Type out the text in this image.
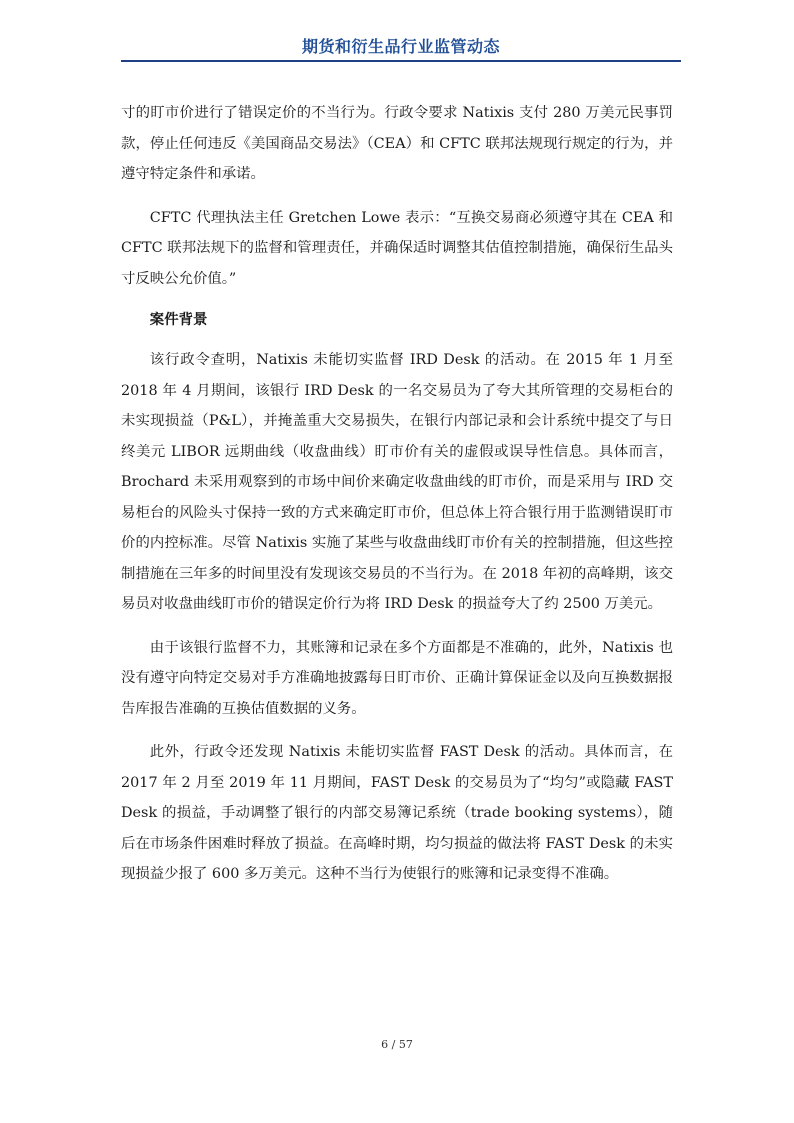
期货和衍生品行业监管动态

寸的盯市价进行了错误定价的不当行为。行政令要求 Natixis 支付 280 万美元民事罚款，停止任何违反《美国商品交易法》（CEA）和 CFTC 联邦法规现行规定的行为，并遵守特定条件和承诺。

CFTC 代理执法主任 Gretchen Lowe 表示：“互换交易商必须遵守其在 CEA 和 CFTC 联邦法规下的监督和管理责任，并确保适时调整其估值控制措施，确保衍生品头寸反映公允价值。”

案件背景

该行政令查明，Natixis 未能切实监督 IRD Desk 的活动。在 2015 年 1 月至 2018 年 4 月期间，该银行 IRD Desk 的一名交易员为了夸大其所管理的交易柜台的未实现损益（P&L），并掩盖重大交易损失，在银行内部记录和会计系统中提交了与日终美元 LIBOR 远期曲线（收盘曲线）盯市价有关的虚假或误导性信息。具体而言，Brochard 未采用观察到的市场中间价来确定收盘曲线的盯市价，而是采用与 IRD 交易柜台的风险头寸保持一致的方式来确定盯市价，但总体上符合银行用于监测错误盯市价的内控标准。尽管 Natixis 实施了某些与收盘曲线盯市价有关的控制措施，但这些控制措施在三年多的时间里没有发现该交易员的不当行为。在 2018 年初的高峰期，该交易员对收盘曲线盯市价的错误定价行为将 IRD Desk 的损益夸大了约 2500 万美元。

由于该银行监督不力，其账簿和记录在多个方面都是不准确的，此外，Natixis 也没有遵守向特定交易对手方准确地披露每日盯市价、正确计算保证金以及向互换数据报告库报告准确的互换估值数据的义务。

此外，行政令还发现 Natixis 未能切实监督 FAST Desk 的活动。具体而言，在 2017 年 2 月至 2019 年 11 月期间，FAST Desk 的交易员为了“均匀”或隐藏 FAST Desk 的损益，手动调整了银行的内部交易簿记系统（trade booking systems），随后在市场条件困难时释放了损益。在高峰时期，均匀损益的做法将 FAST Desk 的未实现损益少报了 600 多万美元。这种不当行为使银行的账簿和记录变得不准确。

6 / 57
